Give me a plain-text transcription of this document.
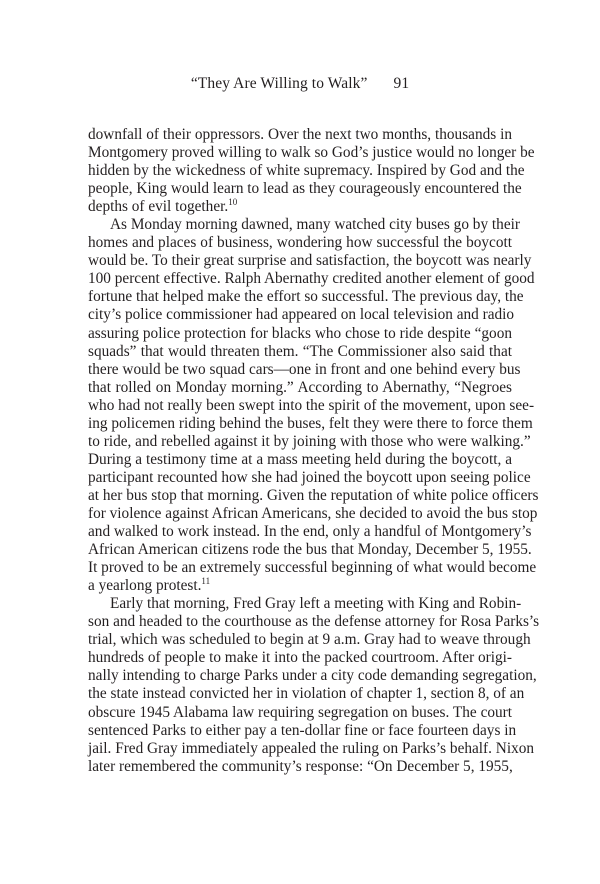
“They Are Willing to Walk” 91

downfall of their oppressors. Over the next two months, thousands in
Montgomery proved willing to walk so God’s justice would no longer be
hidden by the wickedness of white supremacy. Inspired by God and the
people, King would learn to lead as they courageously encountered the
depths of evil together.$^{10}$

As Monday morning dawned, many watched city buses go by their
homes and places of business, wondering how successful the boycott
would be. To their great surprise and satisfaction, the boycott was nearly
100 percent effective. Ralph Abernathy credited another element of good
fortune that helped make the effort so successful. The previous day, the
city’s police commissioner had appeared on local television and radio
assuring police protection for blacks who chose to ride despite “goon
squads” that would threaten them. “The Commissioner also said that
there would be two squad cars—one in front and one behind every bus
that rolled on Monday morning.” According to Abernathy, “Negroes
who had not really been swept into the spirit of the movement, upon see-
ing policemen riding behind the buses, felt they were there to force them
to ride, and rebelled against it by joining with those who were walking.”
During a testimony time at a mass meeting held during the boycott, a
participant recounted how she had joined the boycott upon seeing police
at her bus stop that morning. Given the reputation of white police officers
for violence against African Americans, she decided to avoid the bus stop
and walked to work instead. In the end, only a handful of Montgomery’s
African American citizens rode the bus that Monday, December 5, 1955.
It proved to be an extremely successful beginning of what would become
a yearlong protest.$^{11}$

Early that morning, Fred Gray left a meeting with King and Robin-
son and headed to the courthouse as the defense attorney for Rosa Parks’s
trial, which was scheduled to begin at 9 a.m. Gray had to weave through
hundreds of people to make it into the packed courtroom. After origi-
nally intending to charge Parks under a city code demanding segregation,
the state instead convicted her in violation of chapter 1, section 8, of an
obscure 1945 Alabama law requiring segregation on buses. The court
sentenced Parks to either pay a ten-dollar fine or face fourteen days in
jail. Fred Gray immediately appealed the ruling on Parks’s behalf. Nixon
later remembered the community’s response: “On December 5, 1955,
